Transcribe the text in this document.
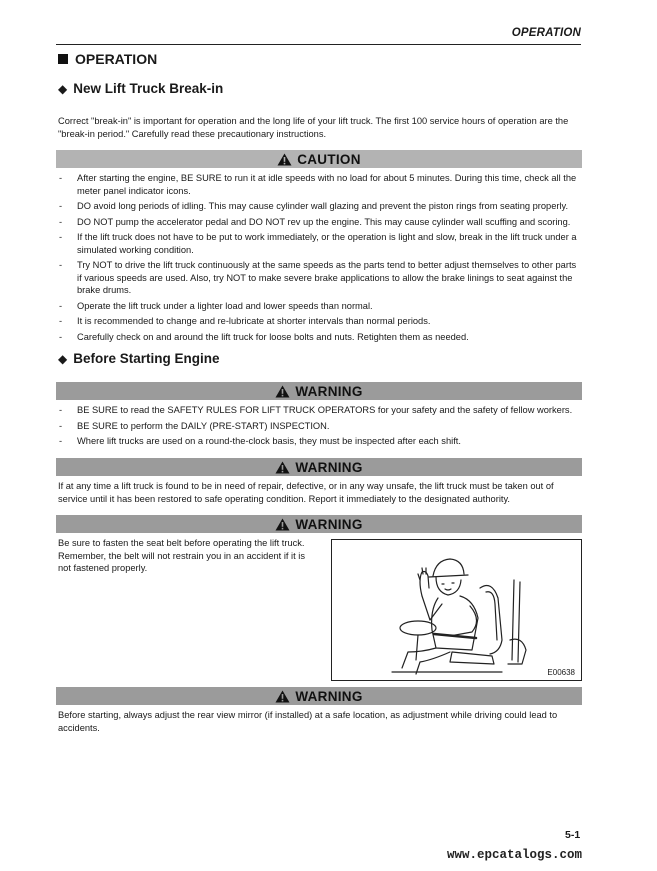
OPERATION
OPERATION
◆ New Lift Truck Break-in
Correct "break-in" is important for operation and the long life of your lift truck. The first 100 service hours of operation are the "break-in period." Carefully read these precautionary instructions.
CAUTION
- After starting the engine, BE SURE to run it at idle speeds with no load for about 5 minutes. During this time, check all the meter panel indicator icons.
- DO avoid long periods of idling. This may cause cylinder wall glazing and prevent the piston rings from seating properly.
- DO NOT pump the accelerator pedal and DO NOT rev up the engine. This may cause cylinder wall scuffing and scoring.
- If the lift truck does not have to be put to work immediately, or the operation is light and slow, break in the lift truck under a simulated working condition.
- Try NOT to drive the lift truck continuously at the same speeds as the parts tend to better adjust themselves to other parts if various speeds are used. Also, try NOT to make severe brake applications to allow the brake linings to seat against the brake drums.
- Operate the lift truck under a lighter load and lower speeds than normal.
- It is recommended to change and re-lubricate at shorter intervals than normal periods.
- Carefully check on and around the lift truck for loose bolts and nuts. Retighten them as needed.
◆ Before Starting Engine
WARNING
- BE SURE to read the SAFETY RULES FOR LIFT TRUCK OPERATORS for your safety and the safety of fellow workers.
- BE SURE to perform the DAILY (PRE-START) INSPECTION.
- Where lift trucks are used on a round-the-clock basis, they must be inspected after each shift.
WARNING
If at any time a lift truck is found to be in need of repair, defective, or in any way unsafe, the lift truck must be taken out of service until it has been restored to safe operating condition. Report it immediately to the designated authority.
WARNING
Be sure to fasten the seat belt before operating the lift truck. Remember, the belt will not restrain you in an accident if it is not fastened properly.
E00638
WARNING
Before starting, always adjust the rear view mirror (if installed) at a safe location, as adjustment while driving could lead to accidents.
5-1
www.epcatalogs.com
